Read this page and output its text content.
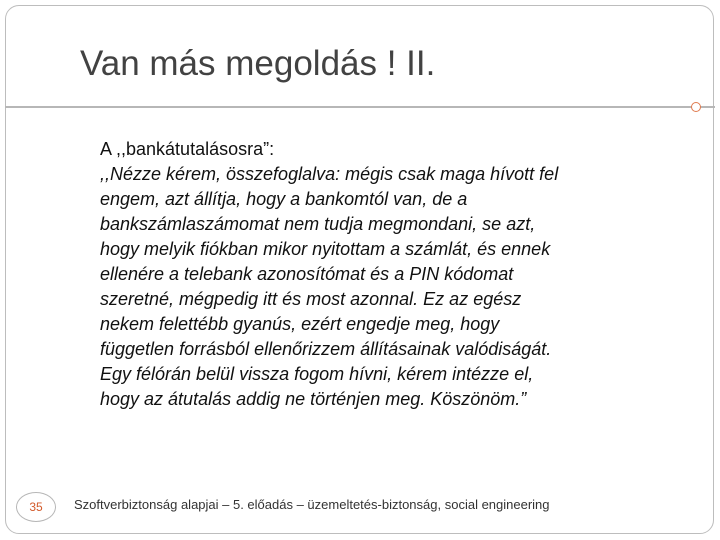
Van más megoldás ! II.
A ,,bankátutalásosra”:
,,Nézze kérem, összefoglalva: mégis csak maga hívott fel
engem, azt állítja, hogy a bankomtól van, de a
bankszámlaszámomat nem tudja megmondani, se azt,
hogy melyik fiókban mikor nyitottam a számlát, és ennek
ellenére a telebank azonosítómat és a PIN kódomat
szeretné, mégpedig itt és most azonnal. Ez az egész
nekem felettébb gyanús, ezért engedje meg, hogy
független forrásból ellenőrizzem állításainak valódiságát.
Egy félórán belül vissza fogom hívni, kérem intézze el,
hogy az átutalás addig ne történjen meg. Köszönöm.”
35	Szoftverbiztonság alapjai – 5. előadás – üzemeltetés-biztonság, social engineering
